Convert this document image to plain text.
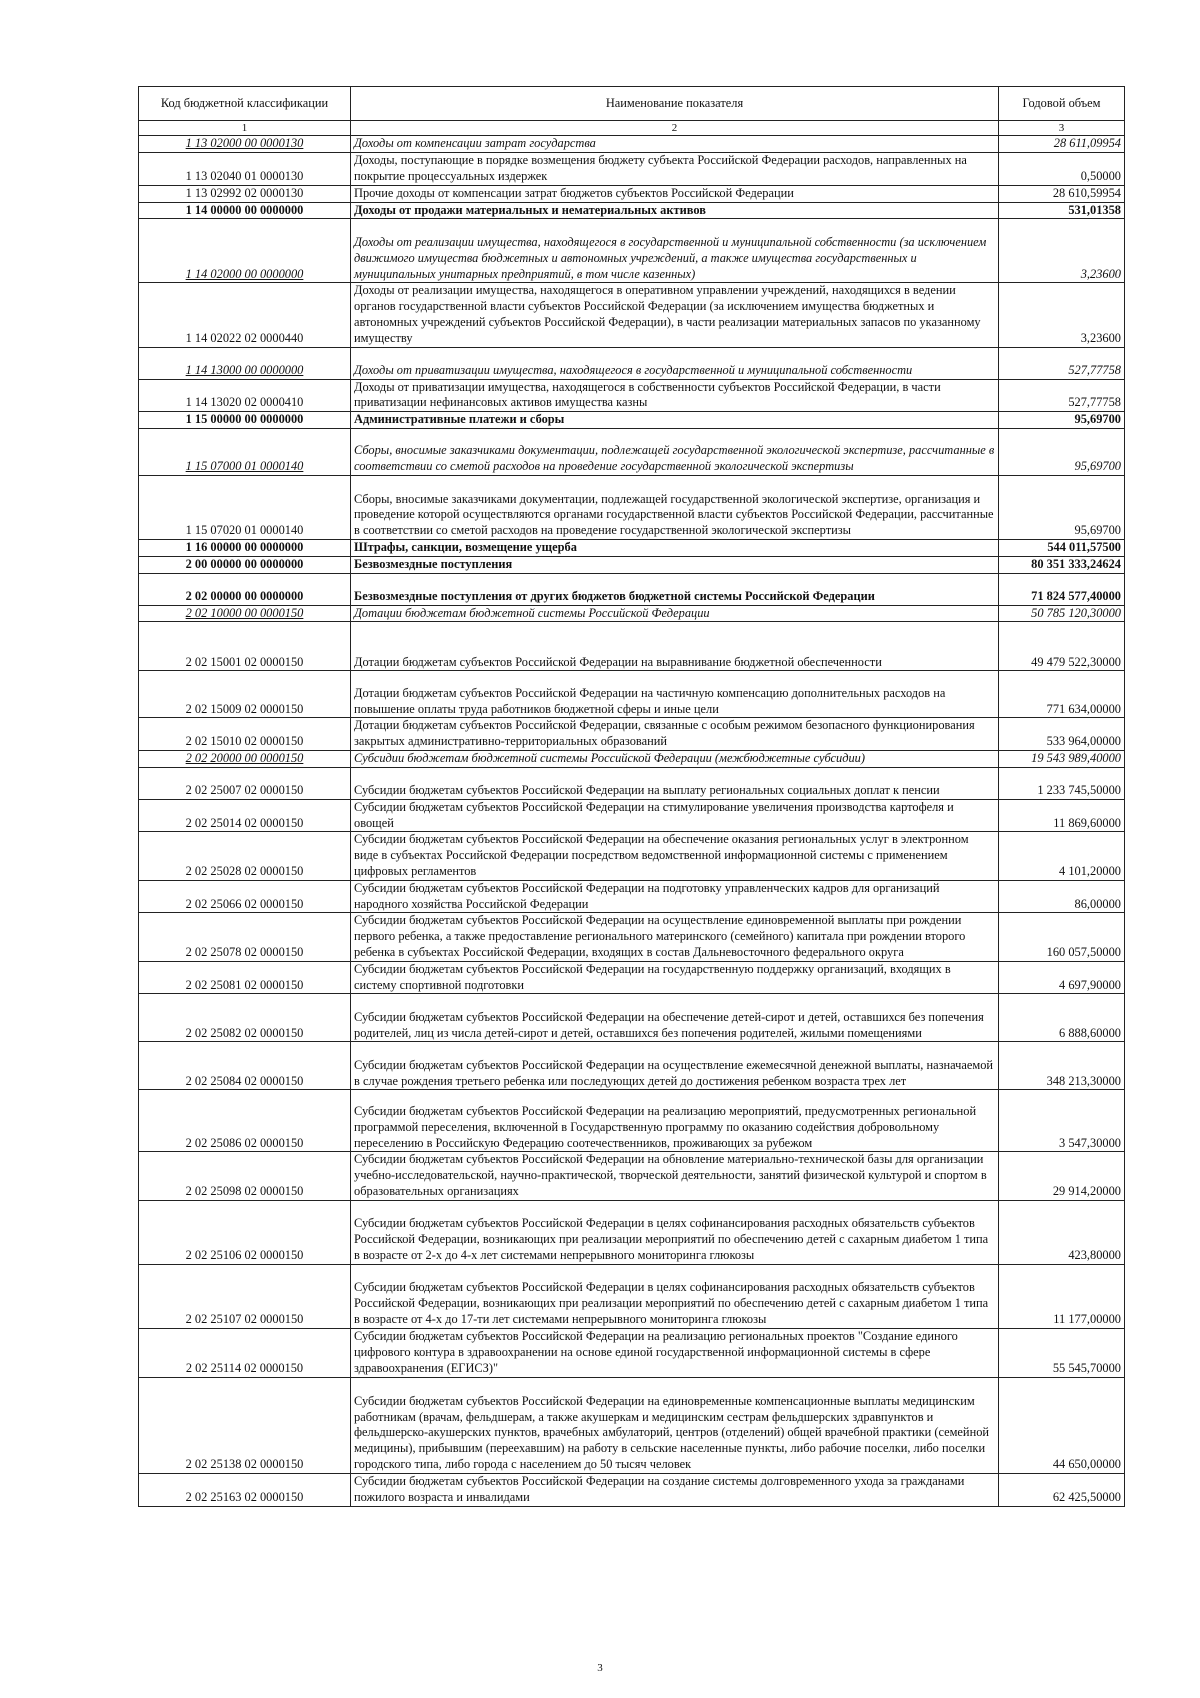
Код бюджетной классификации	Наименование показателя	Годовой объем
1	2	3
1 13 02000 00 0000130	Доходы от компенсации затрат государства	28 611,09954
1 13 02040 01 0000130	Доходы, поступающие в порядке возмещения бюджету субъекта Российской Федерации расходов, направленных на покрытие процессуальных издержек	0,50000
1 13 02992 02 0000130	Прочие доходы от компенсации затрат бюджетов субъектов Российской Федерации	28 610,59954
1 14 00000 00 0000000	Доходы от продажи материальных и нематериальных активов	531,01358
1 14 02000 00 0000000	Доходы от реализации имущества, находящегося в государственной и муниципальной собственности (за исключением движимого имущества бюджетных и автономных учреждений, а также имущества государственных и муниципальных унитарных предприятий, в том числе казенных)	3,23600
1 14 02022 02 0000440	Доходы от реализации имущества, находящегося в оперативном управлении учреждений, находящихся в ведении органов государственной власти субъектов Российской Федерации (за исключением имущества бюджетных и автономных учреждений субъектов Российской Федерации), в части реализации материальных запасов по указанному имуществу	3,23600
1 14 13000 00 0000000	Доходы от приватизации имущества, находящегося в государственной и муниципальной собственности	527,77758
1 14 13020 02 0000410	Доходы от приватизации имущества, находящегося в собственности субъектов Российской Федерации, в части приватизации нефинансовых активов имущества казны	527,77758
1 15 00000 00 0000000	Административные платежи и сборы	95,69700
1 15 07000 01 0000140	Сборы, вносимые заказчиками документации, подлежащей государственной экологической экспертизе, рассчитанные в соответствии со сметой расходов на проведение государственной экологической экспертизы	95,69700
1 15 07020 01 0000140	Сборы, вносимые заказчиками документации, подлежащей государственной экологической экспертизе, организация и проведение которой осуществляются органами государственной власти субъектов Российской Федерации, рассчитанные в соответствии со сметой расходов на проведение государственной экологической экспертизы	95,69700
1 16 00000 00 0000000	Штрафы, санкции, возмещение ущерба	544 011,57500
2 00 00000 00 0000000	Безвозмездные поступления	80 351 333,24624
2 02 00000 00 0000000	Безвозмездные поступления от других бюджетов бюджетной системы Российской Федерации	71 824 577,40000
2 02 10000 00 0000150	Дотации бюджетам бюджетной системы Российской Федерации	50 785 120,30000
2 02 15001 02 0000150	Дотации бюджетам субъектов Российской Федерации на выравнивание бюджетной обеспеченности	49 479 522,30000
2 02 15009 02 0000150	Дотации бюджетам субъектов Российской Федерации на частичную компенсацию дополнительных расходов на повышение оплаты труда работников бюджетной сферы и иные цели	771 634,00000
2 02 15010 02 0000150	Дотации бюджетам субъектов Российской Федерации, связанные с особым режимом безопасного функционирования закрытых административно-территориальных образований	533 964,00000
2 02 20000 00 0000150	Субсидии бюджетам бюджетной системы Российской Федерации (межбюджетные субсидии)	19 543 989,40000
2 02 25007 02 0000150	Субсидии бюджетам субъектов Российской Федерации на выплату региональных социальных доплат к пенсии	1 233 745,50000
2 02 25014 02 0000150	Субсидии бюджетам субъектов Российской Федерации на стимулирование увеличения производства картофеля и овощей	11 869,60000
2 02 25028 02 0000150	Субсидии бюджетам субъектов Российской Федерации на обеспечение оказания региональных услуг в электронном виде в субъектах Российской Федерации посредством ведомственной информационной системы с применением цифровых регламентов	4 101,20000
2 02 25066 02 0000150	Субсидии бюджетам субъектов Российской Федерации на подготовку управленческих кадров для организаций народного хозяйства Российской Федерации	86,00000
2 02 25078 02 0000150	Субсидии бюджетам субъектов Российской Федерации на осуществление единовременной выплаты при рождении первого ребенка, а также предоставление регионального материнского (семейного) капитала при рождении второго ребенка в субъектах Российской Федерации, входящих в состав Дальневосточного федерального округа	160 057,50000
2 02 25081 02 0000150	Субсидии бюджетам субъектов Российской Федерации на государственную поддержку организаций, входящих в систему спортивной подготовки	4 697,90000
2 02 25082 02 0000150	Субсидии бюджетам субъектов Российской Федерации на обеспечение детей-сирот и детей, оставшихся без попечения родителей, лиц из числа детей-сирот и детей, оставшихся без попечения родителей, жилыми помещениями	6 888,60000
2 02 25084 02 0000150	Субсидии бюджетам субъектов Российской Федерации на осуществление ежемесячной денежной выплаты, назначаемой в случае рождения третьего ребенка или последующих детей до достижения ребенком возраста трех лет	348 213,30000
2 02 25086 02 0000150	Субсидии бюджетам субъектов Российской Федерации на реализацию мероприятий, предусмотренных региональной программой переселения, включенной в Государственную программу по оказанию содействия добровольному переселению в Российскую Федерацию соотечественников, проживающих за рубежом	3 547,30000
2 02 25098 02 0000150	Субсидии бюджетам субъектов Российской Федерации на обновление материально-технической базы для организации учебно-исследовательской, научно-практической, творческой деятельности, занятий физической культурой и спортом в образовательных организациях	29 914,20000
2 02 25106 02 0000150	Субсидии бюджетам субъектов Российской Федерации в целях софинансирования расходных обязательств субъектов Российской Федерации, возникающих при реализации мероприятий по обеспечению детей с сахарным диабетом 1 типа в возрасте от 2-х до 4-х лет системами непрерывного мониторинга глюкозы	423,80000
2 02 25107 02 0000150	Субсидии бюджетам субъектов Российской Федерации в целях софинансирования расходных обязательств субъектов Российской Федерации, возникающих при реализации мероприятий по обеспечению детей с сахарным диабетом 1 типа в возрасте от 4-х до 17-ти лет системами непрерывного мониторинга глюкозы	11 177,00000
2 02 25114 02 0000150	Субсидии бюджетам субъектов Российской Федерации на реализацию региональных проектов "Создание единого цифрового контура в здравоохранении на основе единой государственной информационной системы в сфере здравоохранения (ЕГИСЗ)"	55 545,70000
2 02 25138 02 0000150	Субсидии бюджетам субъектов Российской Федерации на единовременные компенсационные выплаты медицинским работникам (врачам, фельдшерам, а также акушеркам и медицинским сестрам фельдшерских здравпунктов и фельдшерско-акушерских пунктов, врачебных амбулаторий, центров (отделений) общей врачебной практики (семейной медицины), прибывшим (переехавшим) на работу в сельские населенные пункты, либо рабочие поселки, либо поселки городского типа, либо города с населением до 50 тысяч человек	44 650,00000
2 02 25163 02 0000150	Субсидии бюджетам субъектов Российской Федерации на создание системы долговременного ухода за гражданами пожилого возраста и инвалидами	62 425,50000
3
